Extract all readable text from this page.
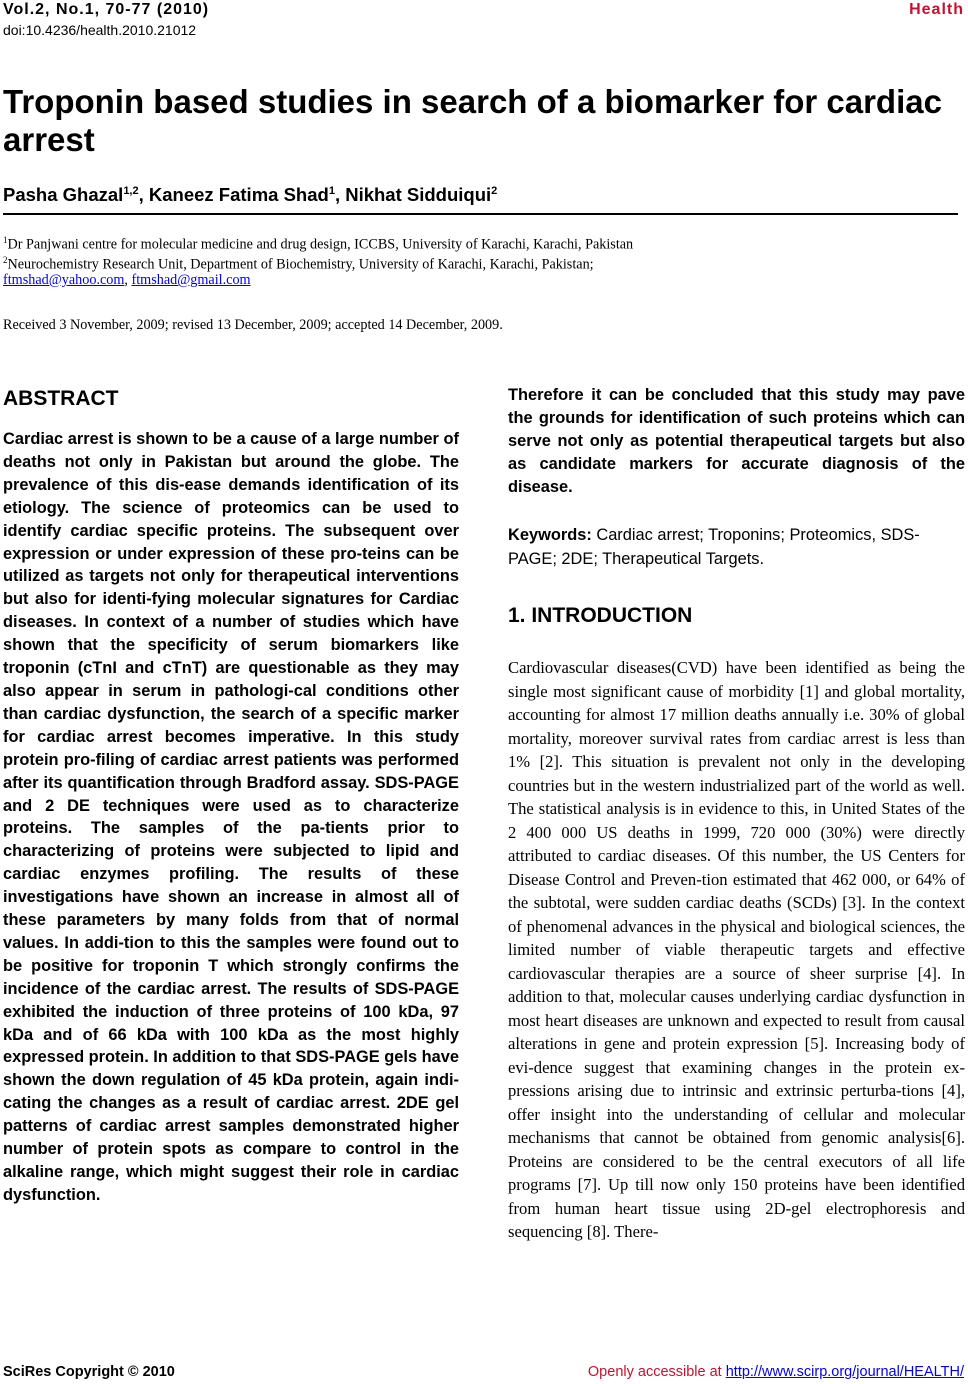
Vol.2, No.1, 70-77 (2010)
doi:10.4236/health.2010.21012
Health
Troponin based studies in search of a biomarker for cardiac arrest
Pasha Ghazal$^{1,2}$, Kaneez Fatima Shad$^1$, Nikhat Sidduiqui$^2$
$^1$Dr Panjwani centre for molecular medicine and drug design, ICCBS, University of Karachi, Karachi, Pakistan
$^2$Neurochemistry Research Unit, Department of Biochemistry, University of Karachi, Karachi, Pakistan;
ftmshad@yahoo.com, ftmshad@gmail.com
Received 3 November, 2009; revised 13 December, 2009; accepted 14 December, 2009.
ABSTRACT

Cardiac arrest is shown to be a cause of a large number of deaths not only in Pakistan but around the globe. The prevalence of this dis-ease demands identification of its etiology. The science of proteomics can be used to identify cardiac specific proteins. The subsequent over expression or under expression of these pro-teins can be utilized as targets not only for therapeutical interventions but also for identi-fying molecular signatures for Cardiac diseases. In context of a number of studies which have shown that the specificity of serum biomarkers like troponin (cTnI and cTnT) are questionable as they may also appear in serum in pathologi-cal conditions other than cardiac dysfunction, the search of a specific marker for cardiac arrest becomes imperative. In this study protein pro-filing of cardiac arrest patients was performed after its quantification through Bradford assay. SDS-PAGE and 2 DE techniques were used as to characterize proteins. The samples of the pa-tients prior to characterizing of proteins were subjected to lipid and cardiac enzymes profiling. The results of these investigations have shown an increase in almost all of these parameters by many folds from that of normal values. In addi-tion to this the samples were found out to be positive for troponin T which strongly confirms the incidence of the cardiac arrest. The results of SDS-PAGE exhibited the induction of three proteins of 100 kDa, 97 kDa and of 66 kDa with 100 kDa as the most highly expressed protein. In addition to that SDS-PAGE gels have shown the down regulation of 45 kDa protein, again indi-cating the changes as a result of cardiac arrest. 2DE gel patterns of cardiac arrest samples demonstrated higher number of protein spots as compare to control in the alkaline range, which might suggest their role in cardiac dysfunction.

Therefore it can be concluded that this study may pave the grounds for identification of such proteins which can serve not only as potential therapeutical targets but also as candidate markers for accurate diagnosis of the disease.

Keywords: Cardiac arrest; Troponins; Proteomics, SDS-PAGE; 2DE; Therapeutical Targets.

1. INTRODUCTION

Cardiovascular diseases(CVD) have been identified as being the single most significant cause of morbidity [1] and global mortality, accounting for almost 17 million deaths annually i.e. 30% of global mortality, moreover survival rates from cardiac arrest is less than 1% [2]. This situation is prevalent not only in the developing countries but in the western industrialized part of the world as well. The statistical analysis is in evidence to this, in United States of the 2 400 000 US deaths in 1999, 720 000 (30%) were directly attributed to cardiac diseases. Of this number, the US Centers for Disease Control and Preven-tion estimated that 462 000, or 64% of the subtotal, were sudden cardiac deaths (SCDs) [3]. In the context of phenomenal advances in the physical and biological sciences, the limited number of viable therapeutic targets and effective cardiovascular therapies are a source of sheer surprise [4]. In addition to that, molecular causes underlying cardiac dysfunction in most heart diseases are unknown and expected to result from causal alterations in gene and protein expression [5]. Increasing body of evi-dence suggest that examining changes in the protein ex-pressions arising due to intrinsic and extrinsic perturba-tions [4], offer insight into the understanding of cellular and molecular mechanisms that cannot be obtained from genomic analysis[6]. Proteins are considered to be the central executors of all life programs [7]. Up till now only 150 proteins have been identified from human heart tissue using 2D-gel electrophoresis and sequencing [8]. There-

SciRes Copyright © 2010	Openly accessible at http://www.scirp.org/journal/HEALTH/
